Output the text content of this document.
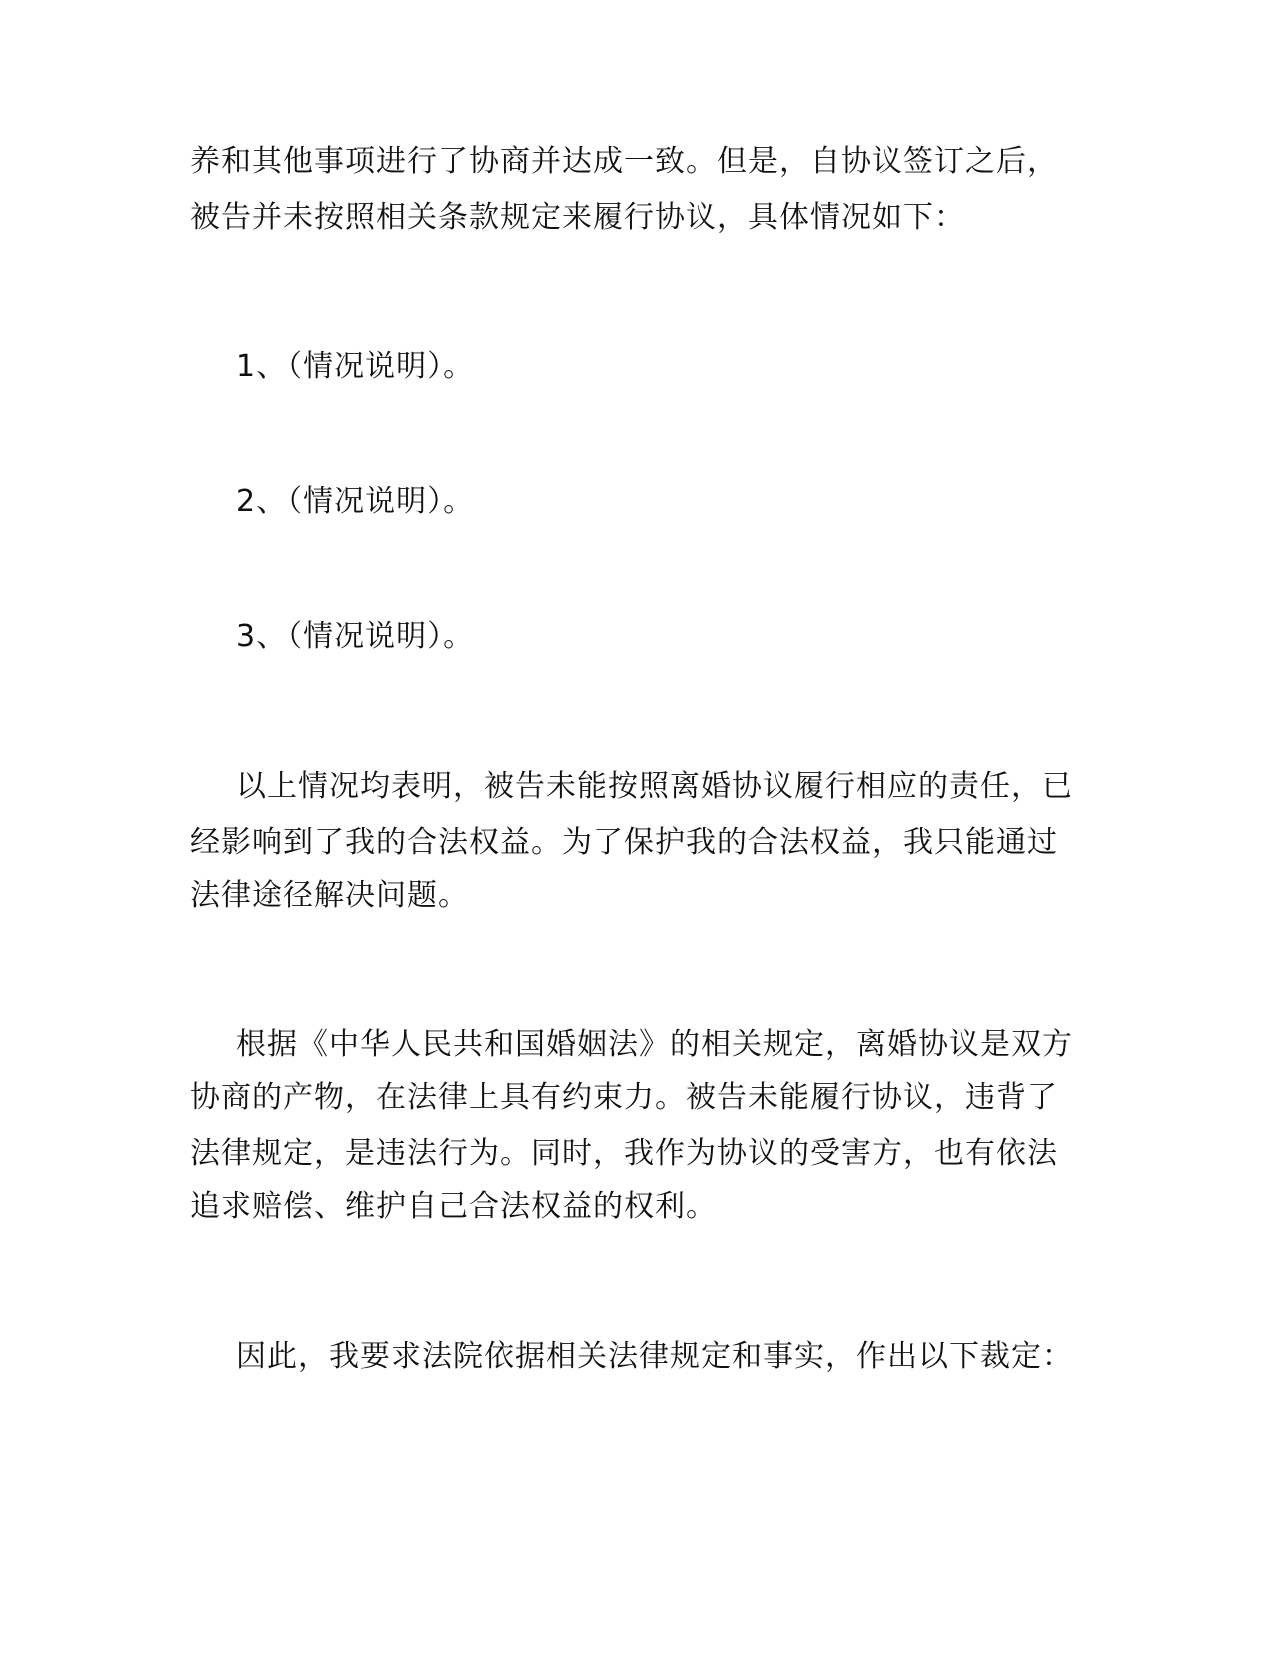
养和其他事项进行了协商并达成一致。但是，自协议签订之后，
被告并未按照相关条款规定来履行协议，具体情况如下：
1、（情况说明）。
2、（情况说明）。
3、（情况说明）。
以上情况均表明，被告未能按照离婚协议履行相应的责任，已
经影响到了我的合法权益。为了保护我的合法权益，我只能通过
法律途径解决问题。
根据《中华人民共和国婚姻法》的相关规定，离婚协议是双方
协商的产物，在法律上具有约束力。被告未能履行协议，违背了
法律规定，是违法行为。同时，我作为协议的受害方，也有依法
追求赔偿、维护自己合法权益的权利。
因此，我要求法院依据相关法律规定和事实，作出以下裁定：
